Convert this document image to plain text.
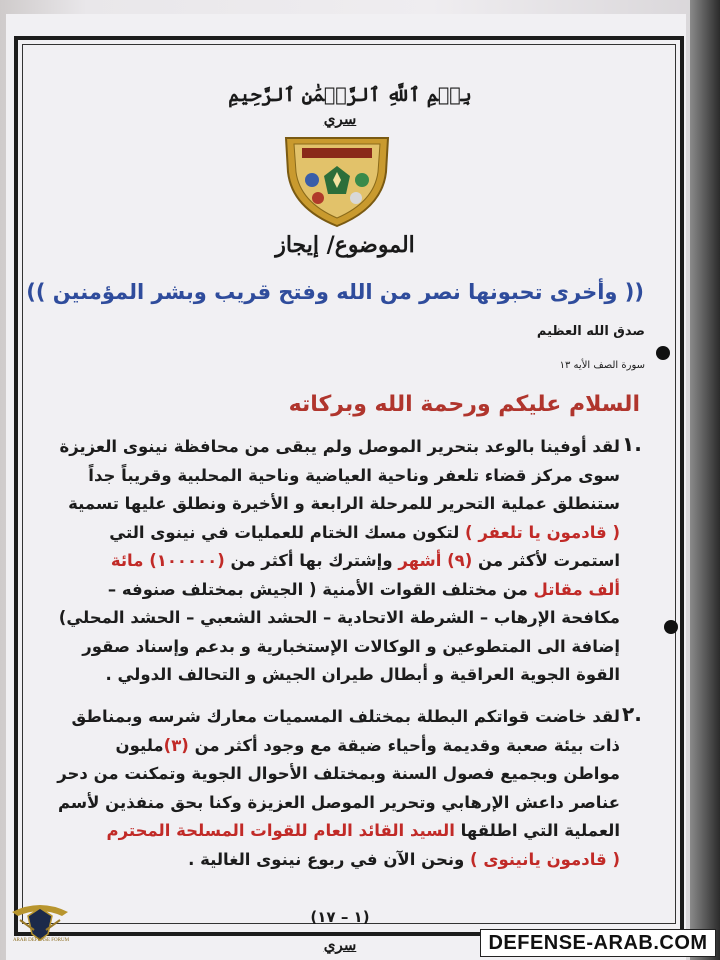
بِسۡمِ ٱللَّهِ ٱلرَّحۡمَٰنِ ٱلرَّحِيمِ
سري
الموضوع/ إيجاز
(( وأخرى تحبونها نصر من الله وفتح قريب وبشر المؤمنين ))
صدق الله العظيم
سورة الصف الأيه ١٣
السلام عليكم ورحمة الله وبركاته
١.
لقد أوفينا بالوعد بتحرير الموصل ولم يبقى من محافظة نينوى العزيزة
سوى مركز قضاء تلعفر وناحية العياضية وناحية المحلبية وقريباً جداً
ستنطلق عملية التحرير للمرحلة الرابعة و الأخيرة ونطلق عليها تسمية
( قادمون يا تلعفر ) لتكون مسك الختام للعمليات في نينوى التي
استمرت لأكثر من (٩) أشهر وإشترك بها أكثر من (١٠٠٠٠٠) مائة
ألف مقاتل من مختلف القوات الأمنية ( الجيش بمختلف صنوفه –
مكافحة الإرهاب – الشرطة الاتحادية – الحشد الشعبي – الحشد المحلي)
إضافة الى المتطوعين و الوكالات الإستخبارية و بدعم وإسناد صقور
القوة الجوية العراقية و أبطال طيران الجيش و التحالف الدولي .
٢.
لقد خاضت قواتكم البطلة بمختلف المسميات معارك شرسه وبمناطق
ذات بيئة صعبة وقديمة وأحياء ضيقة مع وجود أكثر من (٣)مليون
مواطن وبجميع فصول السنة وبمختلف الأحوال الجوية وتمكنت من دحر
عناصر داعش الإرهابي وتحرير الموصل العزيزة وكنا بحق منفذين لأسم
العملية التي اطلقها السيد القائد العام للقوات المسلحة المحترم
( قادمون يانينوى ) ونحن الآن في ربوع نينوى الغالية .
(١ – ١٧)
سري
ARAB DEFENSE FORUM	DEFENSE-ARAB.COM
